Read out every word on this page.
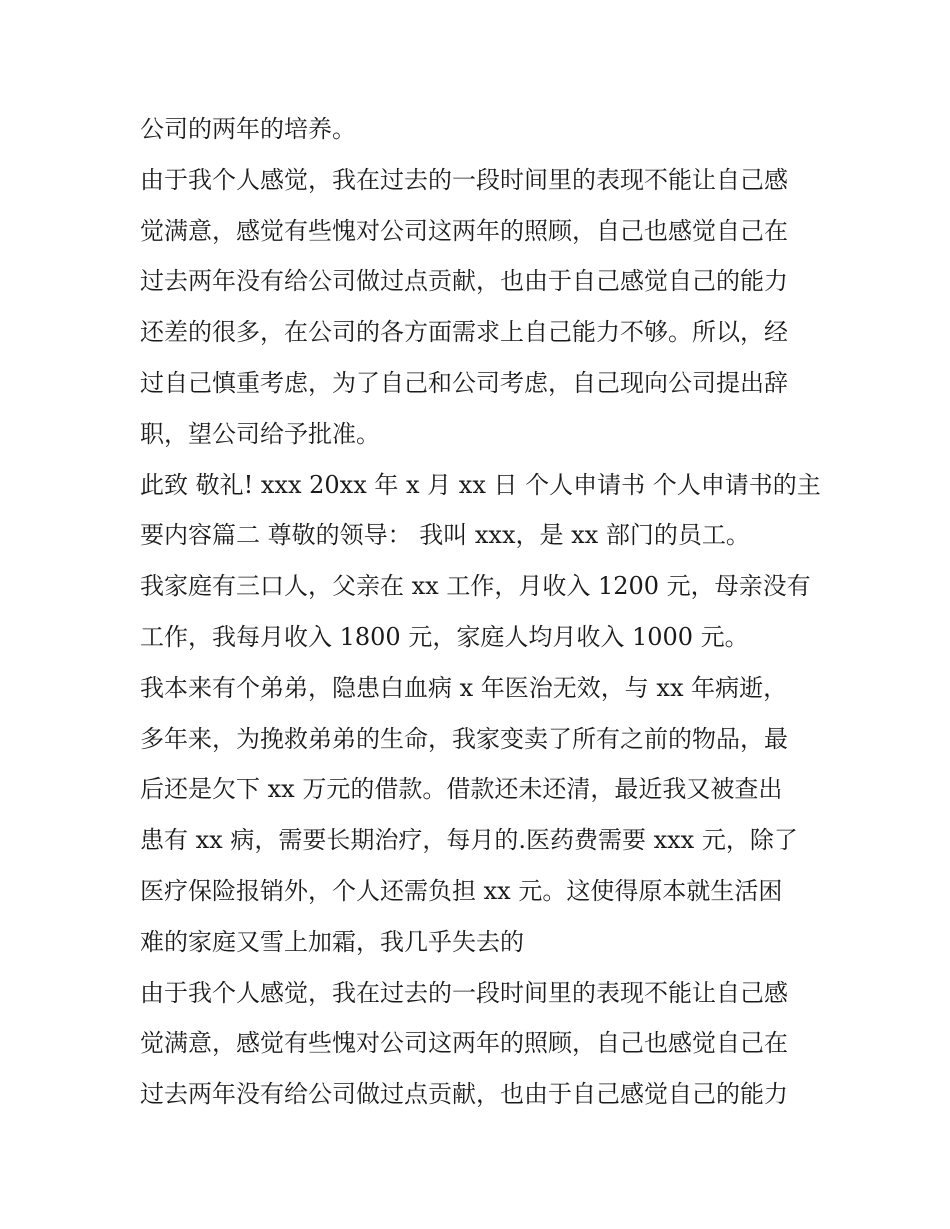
公司的两年的培养。
由于我个人感觉，我在过去的一段时间里的表现不能让自己感
觉满意，感觉有些愧对公司这两年的照顾，自己也感觉自己在
过去两年没有给公司做过点贡献，也由于自己感觉自己的能力
还差的很多，在公司的各方面需求上自己能力不够。所以，经
过自己慎重考虑，为了自己和公司考虑，自己现向公司提出辞
职，望公司给予批准。
此致 敬礼! xxx 20xx 年 x 月 xx 日 个人申请书 个人申请书的主
要内容篇二 尊敬的领导： 我叫 xxx，是 xx 部门的员工。
我家庭有三口人，父亲在 xx 工作，月收入 1200 元，母亲没有
工作，我每月收入 1800 元，家庭人均月收入 1000 元。
我本来有个弟弟，隐患白血病 x 年医治无效，与 xx 年病逝，
多年来，为挽救弟弟的生命，我家变卖了所有之前的物品，最
后还是欠下 xx 万元的借款。借款还未还清，最近我又被查出
患有 xx 病，需要长期治疗，每月的.医药费需要 xxx 元，除了
医疗保险报销外，个人还需负担 xx 元。这使得原本就生活困
难的家庭又雪上加霜，我几乎失去的
由于我个人感觉，我在过去的一段时间里的表现不能让自己感
觉满意，感觉有些愧对公司这两年的照顾，自己也感觉自己在
过去两年没有给公司做过点贡献，也由于自己感觉自己的能力
